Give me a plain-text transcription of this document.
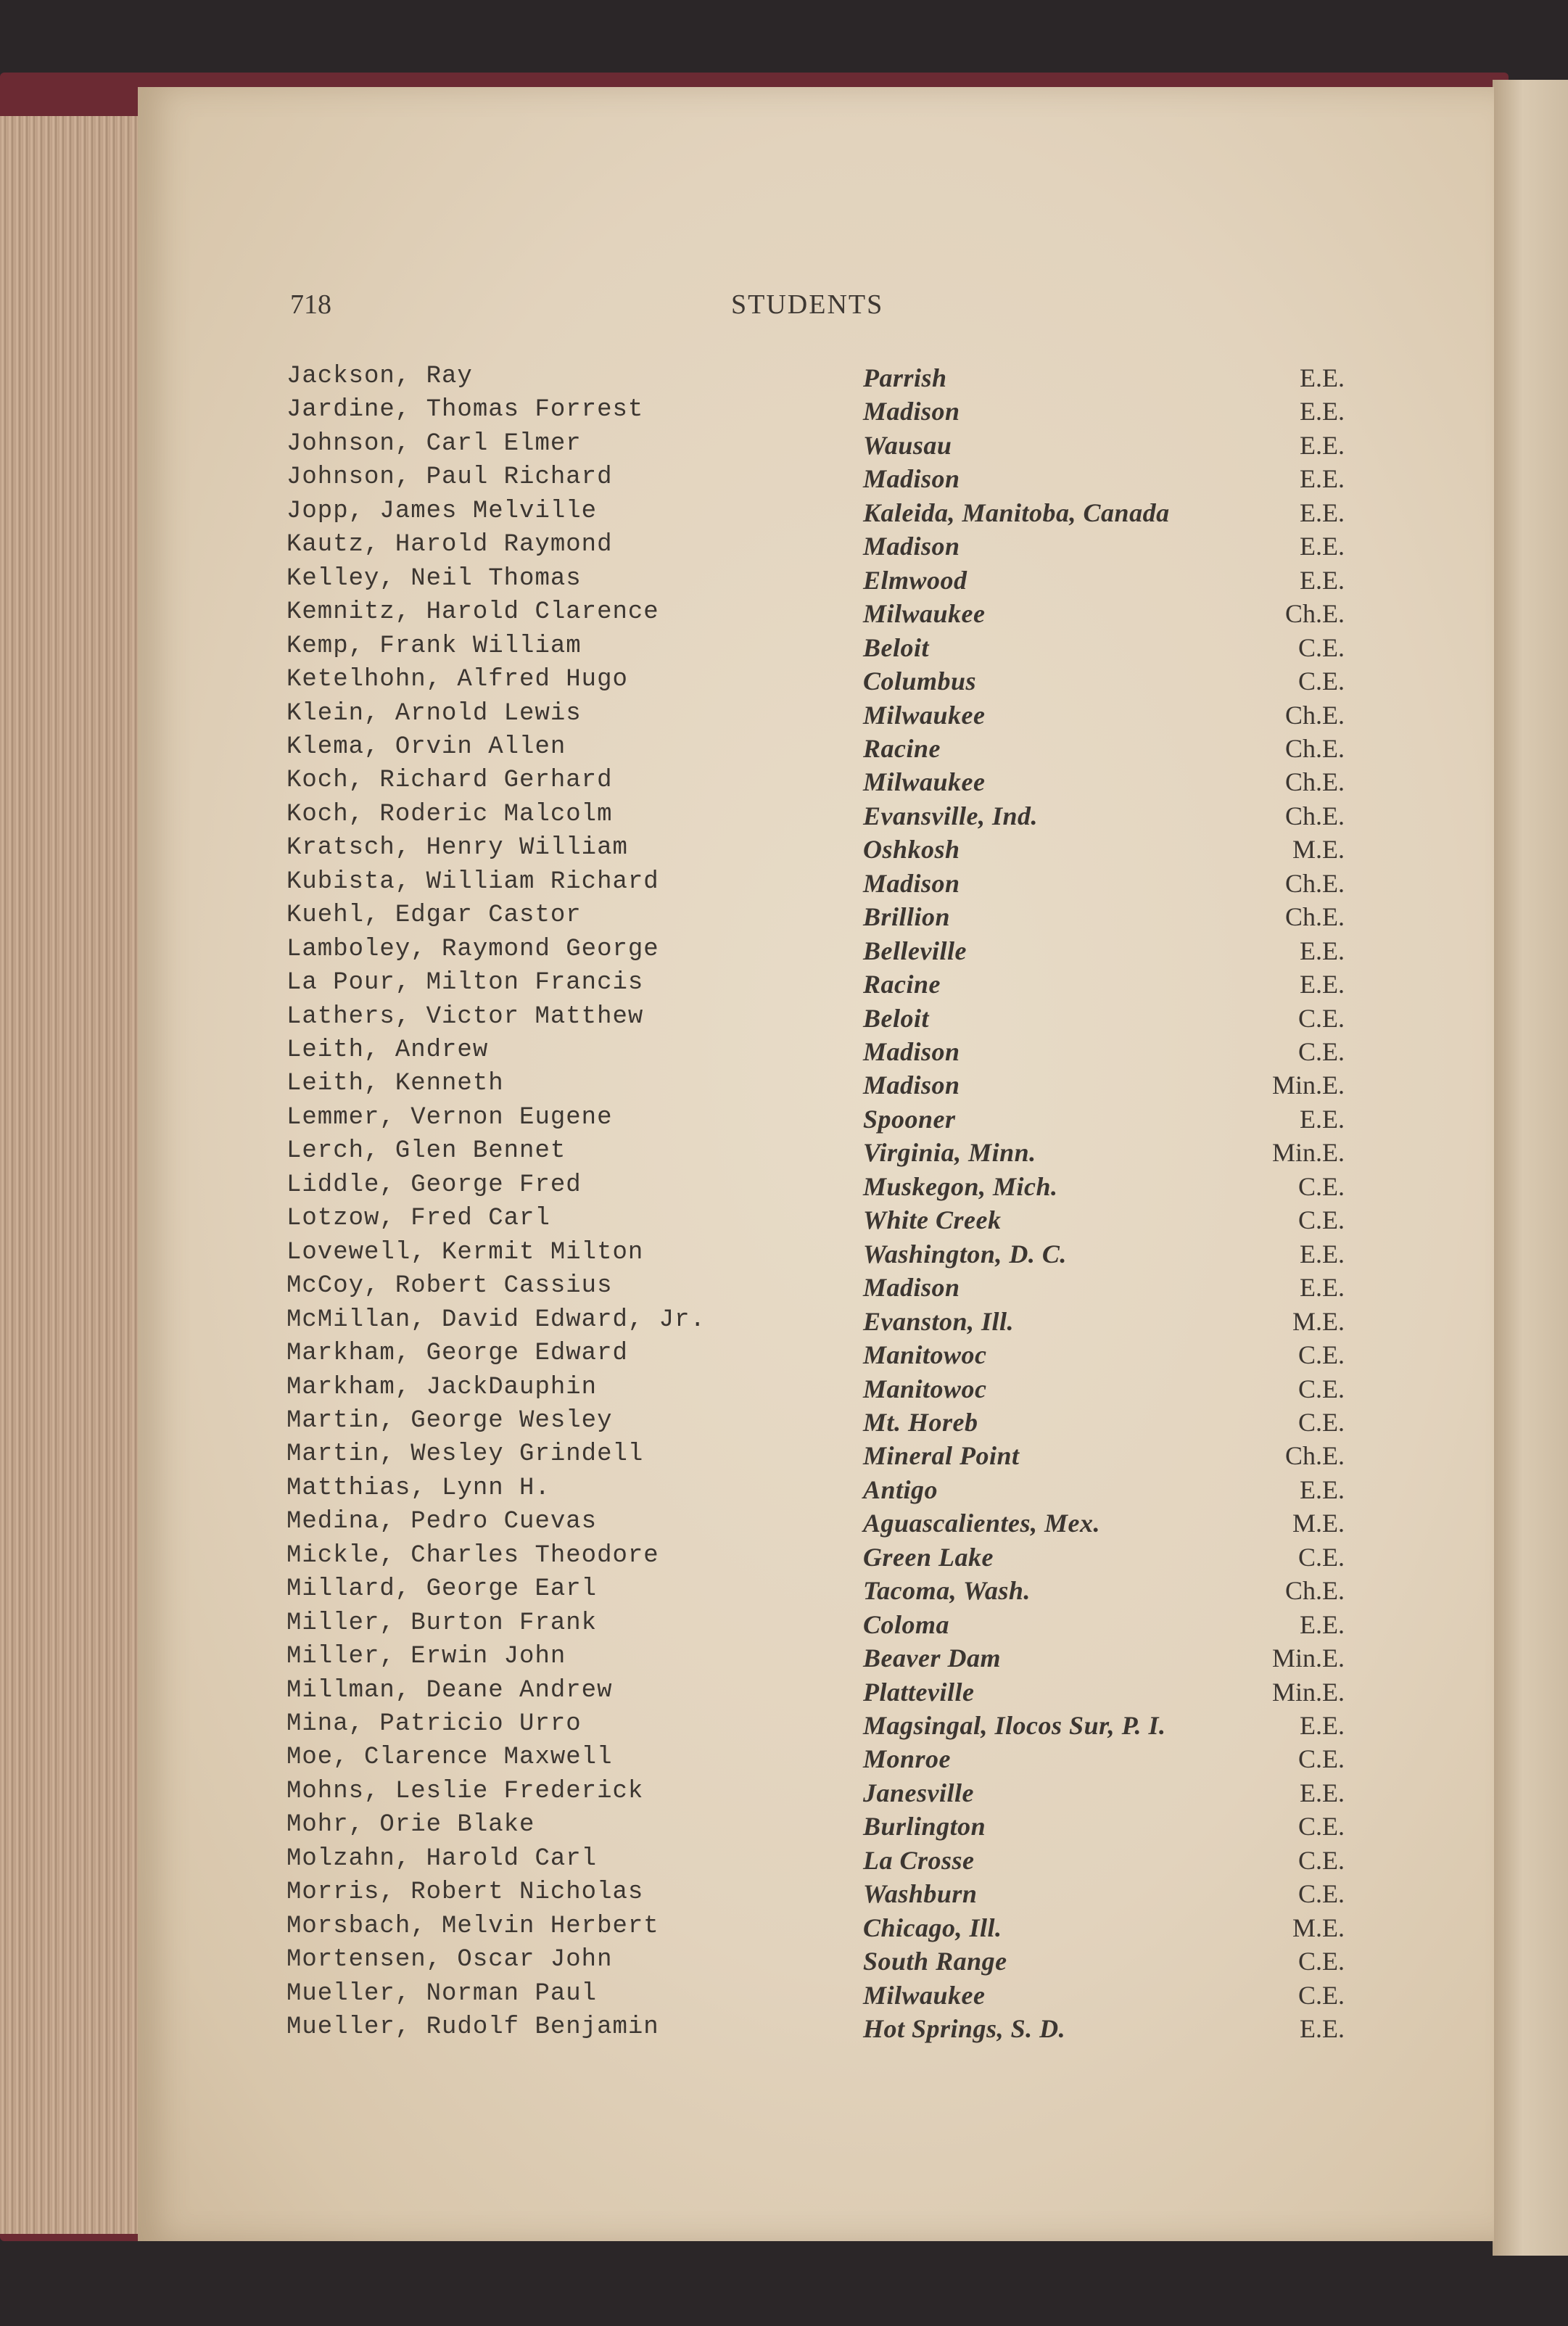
718	STUDENTS
Jackson, Ray	Parrish	E.E.
Jardine, Thomas Forrest	Madison	E.E.
Johnson, Carl Elmer	Wausau	E.E.
Johnson, Paul Richard	Madison	E.E.
Jopp, James Melville	Kaleida, Manitoba, Canada	E.E.
Kautz, Harold Raymond	Madison	E.E.
Kelley, Neil Thomas	Elmwood	E.E.
Kemnitz, Harold Clarence	Milwaukee	Ch.E.
Kemp, Frank William	Beloit	C.E.
Ketelhohn, Alfred Hugo	Columbus	C.E.
Klein, Arnold Lewis	Milwaukee	Ch.E.
Klema, Orvin Allen	Racine	Ch.E.
Koch, Richard Gerhard	Milwaukee	Ch.E.
Koch, Roderic Malcolm	Evansville, Ind.	Ch.E.
Kratsch, Henry William	Oshkosh	M.E.
Kubista, William Richard	Madison	Ch.E.
Kuehl, Edgar Castor	Brillion	Ch.E.
Lamboley, Raymond George	Belleville	E.E.
La Pour, Milton Francis	Racine	E.E.
Lathers, Victor Matthew	Beloit	C.E.
Leith, Andrew	Madison	C.E.
Leith, Kenneth	Madison	Min.E.
Lemmer, Vernon Eugene	Spooner	E.E.
Lerch, Glen Bennet	Virginia, Minn.	Min.E.
Liddle, George Fred	Muskegon, Mich.	C.E.
Lotzow, Fred Carl	White Creek	C.E.
Lovewell, Kermit Milton	Washington, D. C.	E.E.
McCoy, Robert Cassius	Madison	E.E.
McMillan, David Edward, Jr.	Evanston, Ill.	M.E.
Markham, George Edward	Manitowoc	C.E.
Markham, JackDauphin	Manitowoc	C.E.
Martin, George Wesley	Mt. Horeb	C.E.
Martin, Wesley Grindell	Mineral Point	Ch.E.
Matthias, Lynn H.	Antigo	E.E.
Medina, Pedro Cuevas	Aguascalientes, Mex.	M.E.
Mickle, Charles Theodore	Green Lake	C.E.
Millard, George Earl	Tacoma, Wash.	Ch.E.
Miller, Burton Frank	Coloma	E.E.
Miller, Erwin John	Beaver Dam	Min.E.
Millman, Deane Andrew	Platteville	Min.E.
Mina, Patricio Urro	Magsingal, Ilocos Sur, P. I.	E.E.
Moe, Clarence Maxwell	Monroe	C.E.
Mohns, Leslie Frederick	Janesville	E.E.
Mohr, Orie Blake	Burlington	C.E.
Molzahn, Harold Carl	La Crosse	C.E.
Morris, Robert Nicholas	Washburn	C.E.
Morsbach, Melvin Herbert	Chicago, Ill.	M.E.
Mortensen, Oscar John	South Range	C.E.
Mueller, Norman Paul	Milwaukee	C.E.
Mueller, Rudolf Benjamin	Hot Springs, S. D.	E.E.
